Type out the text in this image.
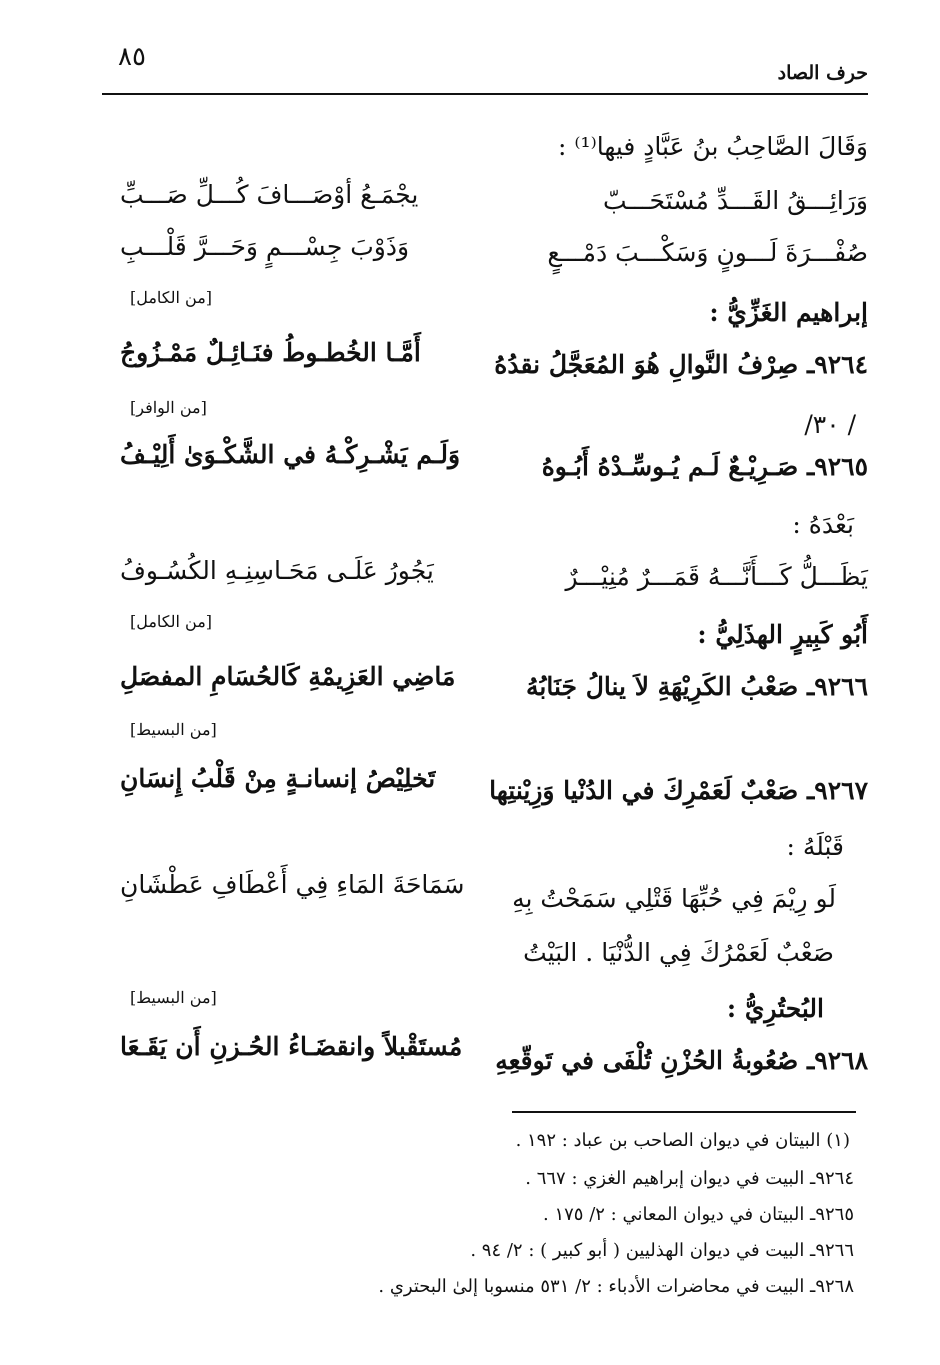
٨٥
حرف الصاد
وَقَالَ الصَّاحِبُ بنُ عَبَّادٍ فيها⁽¹⁾ :
وَرَائِـــقُ القَـــدِّ مُسْتَحَـــبّ
يجْمَـعُ أوْصَـــافَ كُـــلِّ صَـــبِّ
صُفْـــرَةَ لَـــونٍ وَسَكْـــبَ دَمْـــعٍ
وَذَوْبَ جِسْـــمٍ وَحَـــرَّ قَلْـــبِ
إبراهيم الغَزِّيُّ :
[من الكامل]
٩٢٦٤ـ صِرْفُ النَّوالِ هُوَ المُعَجَّلُ نقدُهُ
أَمَّـا الخُطـوطُ فنَـائِـلٌ مَمْـزُوجُ
/ ٣٠/
[من الوافر]
٩٢٦٥ـ صَـرِيْـعٌ لَـم يُـوسِّـدْهُ أَبُـوهُ
وَلَـم يَشْـرِكْـهُ في الشَّكْـوَىٰ أَلِيْـفُ
بَعْدَهُ :
يَظَـــلُّ كَـــأَنَّـــهُ قَمَـــرٌ مُنِيْـــرٌ
يَجُورُ عَلَـى مَحَـاسِنِـهِ الكُسُـوفُ
أَبُو كَبِيرٍ الهذَلِيُّ :
[من الكامل]
٩٢٦٦ـ صَعْبُ الكَرِيْهَةِ لاَ ينالُ جَنَابُهُ
مَاضِي العَزِيمْةِ كَالحُسَامِ المفصَلِ
[من البسيط]
٩٢٦٧ـ صَعْبٌ لَعَمْرِكَ في الدُنْيا وَزِيْنتِها
تَخلِيْصُ إنسانـةٍ مِنْ قَلْبُ إِنسَانِ
قَبْلَهُ :
لَو رِيْمَ فِي حُبِّهَا قَتْلِي سَمَحْتُ بِهِ
سَمَاحَةَ المَاءِ فِي أَعْطَافِ عَطْشَانِ
صَعْبٌ لَعَمْرُكَ فِي الدُّنْيَا . البَيْتُ
البُحتُرِيُّ :
[من البسيط]
٩٢٦٨ـ صُعُوبةُ الحُزْنِ تُلْفَى في تَوقّعِهِ
مُستَقْبلاً وانقضَـاءُ الحُـزنِ أَن يَقَـعَا
(١) البيتان في ديوان الصاحب بن عباد : ١٩٢ .
٩٢٦٤ـ البيت في ديوان إبراهيم الغزي : ٦٦٧ .
٩٢٦٥ـ البيتان في ديوان المعاني : ٢/ ١٧٥ .
٩٢٦٦ـ البيت في ديوان الهذليين ( أبو كبير ) : ٢/ ٩٤ .
٩٢٦٨ـ البيت في محاضرات الأدباء : ٢/ ٥٣١ منسوبا إلىٰ البحتري .
